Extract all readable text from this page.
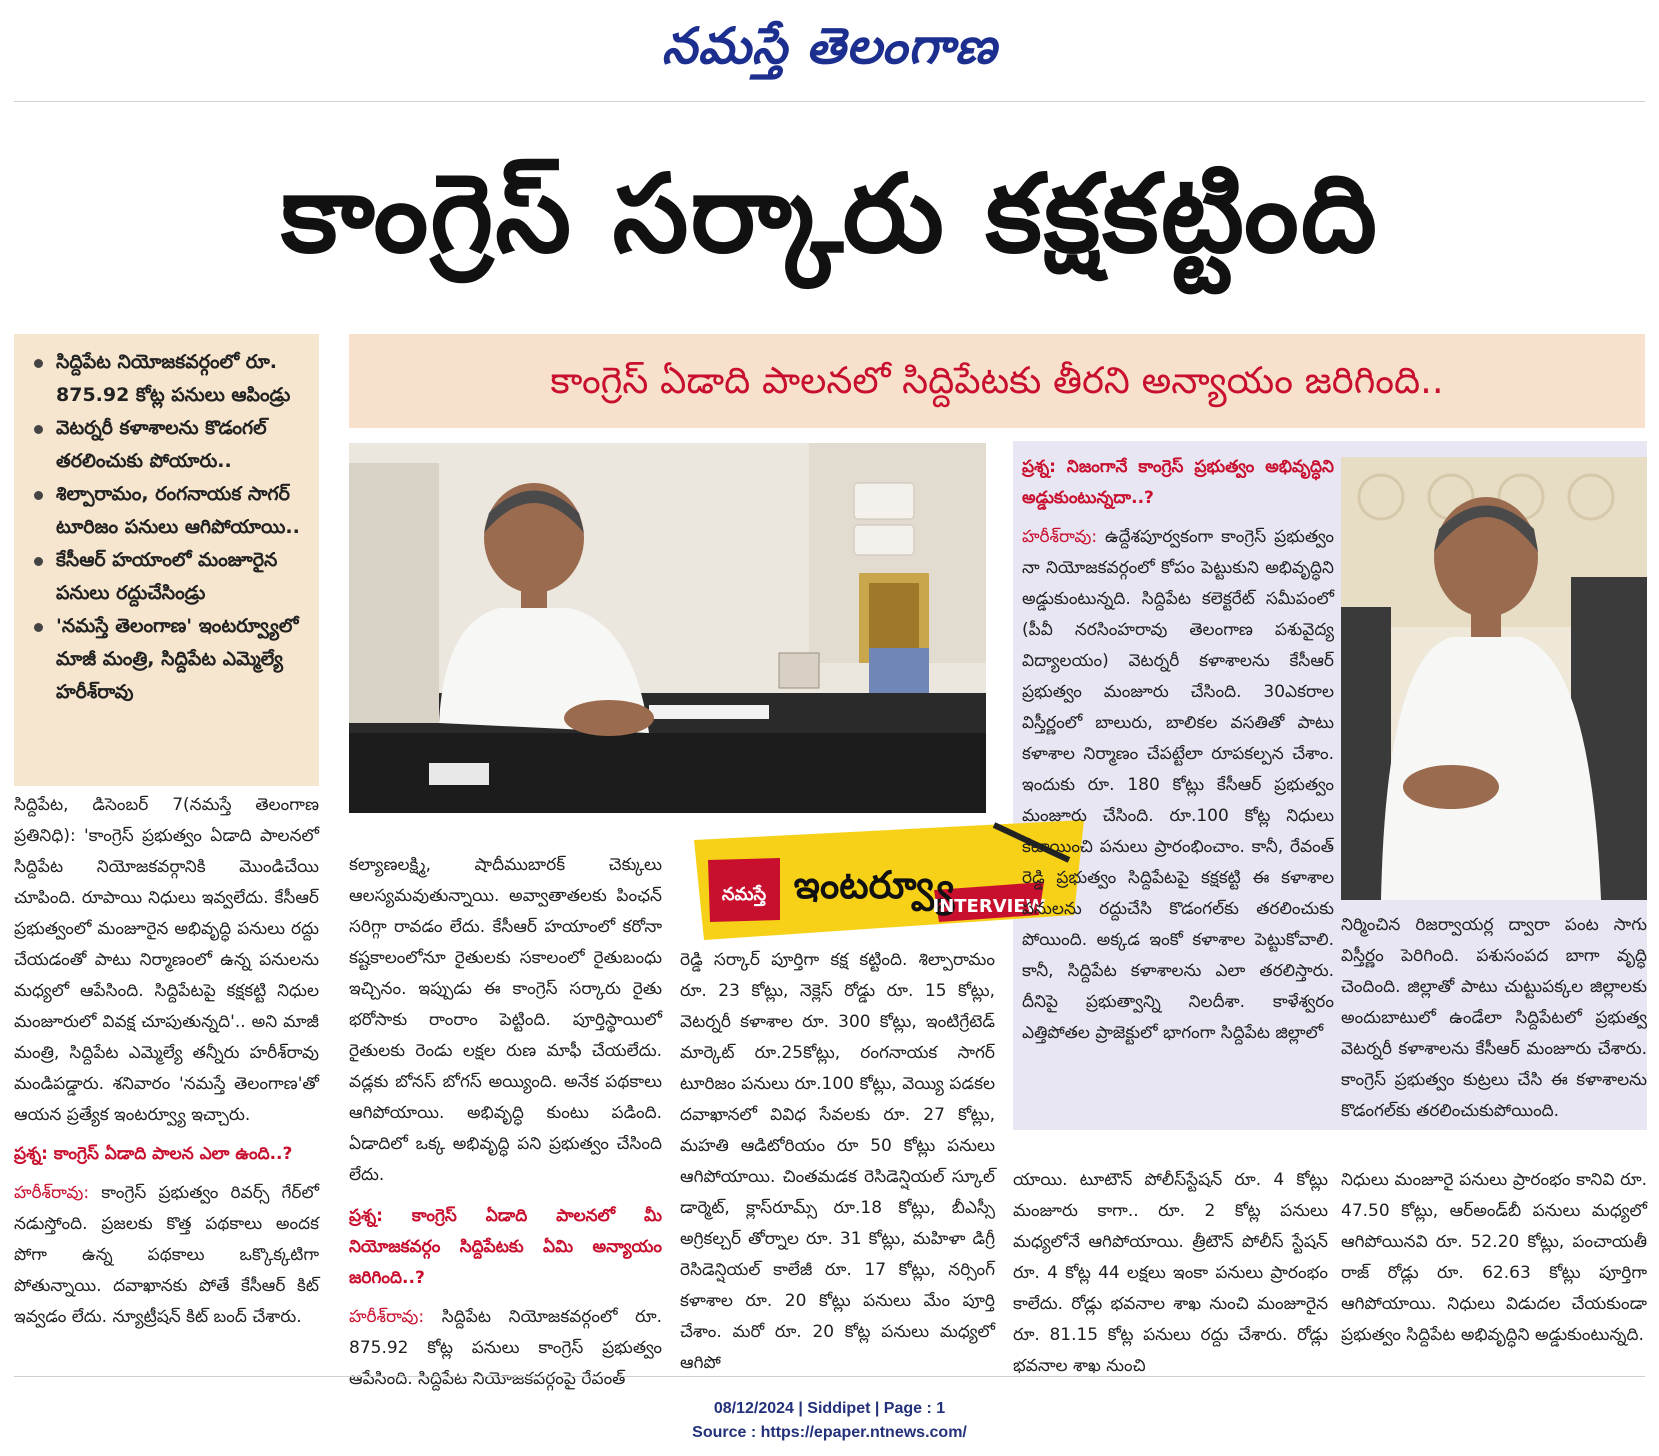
నమస్తే తెలంగాణ
కాంగ్రెస్ సర్కారు కక్షకట్టింది
సిద్దిపేట నియోజకవర్గంలో రూ. 875.92 కోట్ల పనులు ఆపిండ్రు
వెటర్నరీ కళాశాలను కొడంగల్ తరలించుకు పోయారు..
శిల్పారామం, రంగనాయక సాగర్ టూరిజం పనులు ఆగిపోయాయి..
కేసీఆర్ హయాంలో మంజూరైన పనులు రద్దుచేసిండ్రు
'నమస్తే తెలంగాణ' ఇంటర్వ్యూలో మాజీ మంత్రి, సిద్దిపేట ఎమ్మెల్యే హరీశ్‌రావు
కాంగ్రెస్ ఏడాది పాలనలో సిద్దిపేటకు తీరని అన్యాయం జరిగింది..
నమస్తే ఇంటర్వ్యూ
INTERVIEW

సిద్దిపేట, డిసెంబర్ 7(నమస్తే తెలంగాణ ప్రతినిధి): 'కాంగ్రెస్ ప్రభుత్వం ఏడాది పాలనలో సిద్దిపేట నియోజకవర్గానికి మొండిచేయి చూపింది. రూపాయి నిధులు ఇవ్వలేదు. కేసీఆర్ ప్రభుత్వంలో మంజూరైన అభివృద్ధి పనులు రద్దు చేయడంతో పాటు నిర్మాణంలో ఉన్న పనులను మధ్యలో ఆపేసింది. సిద్దిపేటపై కక్షకట్టి నిధుల మంజూరులో వివక్ష చూపుతున్నది'.. అని మాజీ మంత్రి, సిద్దిపేట ఎమ్మెల్యే తన్నీరు హరీశ్‌రావు మండిపడ్డారు. శనివారం 'నమస్తే తెలంగాణ'తో ఆయన ప్రత్యేక ఇంటర్వ్యూ ఇచ్చారు.

ప్రశ్న: కాంగ్రెస్ ఏడాది పాలన ఎలా ఉంది..?

హరీశ్‌రావు: కాంగ్రెస్ ప్రభుత్వం రివర్స్ గేర్‌లో నడుస్తోంది. ప్రజలకు కొత్త పథకాలు అందక పోగా ఉన్న పథకాలు ఒక్కొక్కటిగా పోతున్నాయి. దవాఖానకు పోతే కేసీఆర్ కిట్ ఇవ్వడం లేదు. న్యూట్రీషన్ కిట్ బంద్ చేశారు.

కల్యాణలక్ష్మి, షాదీముబారక్ చెక్కులు ఆలస్యమవుతున్నాయి. అవ్వాతాతలకు పింఛన్ సరిగ్గా రావడం లేదు. కేసీఆర్ హయాంలో కరోనా కష్టకాలంలోనూ రైతులకు సకాలంలో రైతుబంధు ఇచ్చినం. ఇప్పుడు ఈ కాంగ్రెస్ సర్కారు రైతు భరోసాకు రాంరాం పెట్టింది. పూర్తిస్థాయిలో రైతులకు రెండు లక్షల రుణ మాఫీ చేయలేదు. వడ్లకు బోనస్ బోగస్ అయ్యింది. అనేక పథకాలు ఆగిపోయాయి. అభివృద్ధి కుంటు పడింది. ఏడాదిలో ఒక్క అభివృద్ధి పని ప్రభుత్వం చేసింది లేదు.

ప్రశ్న: కాంగ్రెస్ ఏడాది పాలనలో మీ నియోజకవర్గం సిద్దిపేటకు ఏమి అన్యాయం జరిగింది..?

హరీశ్‌రావు: సిద్దిపేట నియోజకవర్గంలో రూ. 875.92 కోట్ల పనులు కాంగ్రెస్ ప్రభుత్వం ఆపేసింది. సిద్దిపేట నియోజకవర్గంపై రేవంత్

రెడ్డి సర్కార్ పూర్తిగా కక్ష కట్టింది. శిల్పారామం రూ. 23 కోట్లు, నెక్లెస్ రోడ్డు రూ. 15 కోట్లు, వెటర్నరీ కళాశాల రూ. 300 కోట్లు, ఇంటిగ్రేటెడ్ మార్కెట్ రూ.25కోట్లు, రంగనాయక సాగర్ టూరిజం పనులు రూ.100 కోట్లు, వెయ్యి పడకల దవాఖానలో వివిధ సేవలకు రూ. 27 కోట్లు, మహతి ఆడిటోరియం రూ 50 కోట్లు పనులు ఆగిపోయాయి. చింతమడక రెసిడెన్షియల్ స్కూల్ డార్మెట్, క్లాస్‌రూమ్స్ రూ.18 కోట్లు, బీఎస్సీ అగ్రికల్చర్ తోర్నాల రూ. 31 కోట్లు, మహిళా డిగ్రీ రెసిడెన్షియల్ కాలేజీ రూ. 17 కోట్లు, నర్సింగ్ కళాశాల రూ. 20 కోట్లు పనులు మేం పూర్తి చేశాం. మరో రూ. 20 కోట్ల పనులు మధ్యలో ఆగిపో

ప్రశ్న: నిజంగానే కాంగ్రెస్ ప్రభుత్వం అభివృద్ధిని అడ్డుకుంటున్నదా..?

హరీశ్‌రావు: ఉద్దేశపూర్వకంగా కాంగ్రెస్ ప్రభుత్వం నా నియోజకవర్గంలో కోపం పెట్టుకుని అభివృద్ధిని అడ్డుకుంటున్నది. సిద్దిపేట కలెక్టరేట్ సమీపంలో (పీవీ నరసింహరావు తెలంగాణ పశువైద్య విద్యాలయం) వెటర్నరీ కళాశాలను కేసీఆర్ ప్రభుత్వం మంజూరు చేసింది. 30ఎకరాల విస్తీర్ణంలో బాలురు, బాలికల వసతితో పాటు కళాశాల నిర్మాణం చేపట్టేలా రూపకల్పన చేశాం. ఇందుకు రూ. 180 కోట్లు కేసీఆర్ ప్రభుత్వం మంజూరు చేసింది. రూ.100 కోట్ల నిధులు కేటాయించి పనులు ప్రారంభించాం. కానీ, రేవంత్ రెడ్డి ప్రభుత్వం సిద్దిపేటపై కక్షకట్టి ఈ కళాశాల పనులను రద్దుచేసి కొడంగల్‌కు తరలించుకు పోయింది. అక్కడ ఇంకో కళాశాల పెట్టుకోవాలి. కానీ, సిద్దిపేట కళాశాలను ఎలా తరలిస్తారు. దీనిపై ప్రభుత్వాన్ని నిలదీశా. కాళేశ్వరం ఎత్తిపోతల ప్రాజెక్టులో భాగంగా సిద్దిపేట జిల్లాలో

యాయి. టూటౌన్ పోలీస్‌స్టేషన్ రూ. 4 కోట్లు మంజూరు కాగా.. రూ. 2 కోట్ల పనులు మధ్యలోనే ఆగిపోయాయి. త్రీటౌన్ పోలీస్ స్టేషన్ రూ. 4 కోట్ల 44 లక్షలు ఇంకా పనులు ప్రారంభం కాలేదు. రోడ్లు భవనాల శాఖ నుంచి మంజూరైన రూ. 81.15 కోట్ల పనులు రద్దు చేశారు. రోడ్లు భవనాల శాఖ నుంచి

నిర్మించిన రిజర్వాయర్ల ద్వారా పంట సాగు విస్తీర్ణం పెరిగింది. పశుసంపద బాగా వృద్ధి చెందింది. జిల్లాతో పాటు చుట్టుపక్కల జిల్లాలకు అందుబాటులో ఉండేలా సిద్దిపేటలో ప్రభుత్వ వెటర్నరీ కళాశాలను కేసీఆర్ మంజూరు చేశారు. కాంగ్రెస్ ప్రభుత్వం కుట్రలు చేసి ఈ కళాశాలను కొడంగల్‌కు తరలించుకుపోయింది.

నిధులు మంజూరై పనులు ప్రారంభం కానివి రూ. 47.50 కోట్లు, ఆర్‌అండ్‌బీ పనులు మధ్యలో ఆగిపోయినవి రూ. 52.20 కోట్లు, పంచాయతీ రాజ్ రోడ్లు రూ. 62.63 కోట్లు పూర్తిగా ఆగిపోయాయి. నిధులు విడుదల చేయకుండా ప్రభుత్వం సిద్దిపేట అభివృద్ధిని అడ్డుకుంటున్నది.

08/12/2024 | Siddipet | Page : 1
Source : https://epaper.ntnews.com/
